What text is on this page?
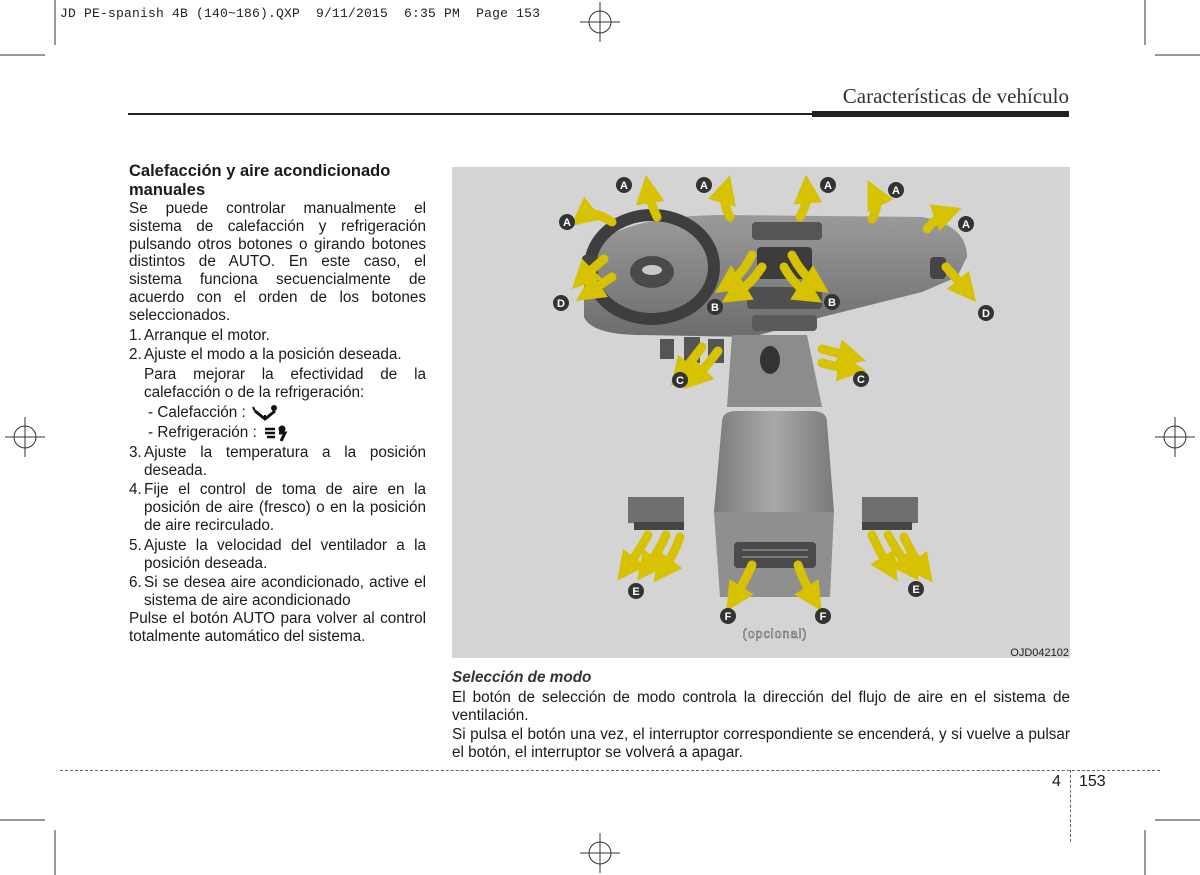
JD PE-spanish 4B (140~186).QXP  9/11/2015  6:35 PM  Page 153
Características de vehículo

Calefacción y aire acondicionado manuales

Se puede controlar manualmente el sistema de calefacción y refrigeración pulsando otros botones o girando botones distintos de AUTO. En este caso, el sistema funciona secuencialmente de acuerdo con el orden de los botones seleccionados.

1. Arranque el motor.
2. Ajuste el modo a la posición deseada.
Para mejorar la efectividad de la calefacción o de la refrigeración:
- Calefacción :
- Refrigeración :
3. Ajuste la temperatura a la posición deseada.
4. Fije el control de toma de aire en la posición de aire (fresco) o en la posición de aire recirculado.
5. Ajuste la velocidad del ventilador a la posición deseada.
6. Si se desea aire acondicionado, active el sistema de aire acondicionado

Pulse el botón AUTO para volver al control totalmente automático del sistema.

A	A	A	A
A	A
B	B
C	C
D
D
E	E
F	F
(opcional)
OJD042102

Selección de modo

El botón de selección de modo controla la dirección del flujo de aire en el sistema de ventilación.

Si pulsa el botón una vez, el interruptor correspondiente se encenderá, y si vuelve a pulsar el botón, el interruptor se volverá a apagar.

4 153
